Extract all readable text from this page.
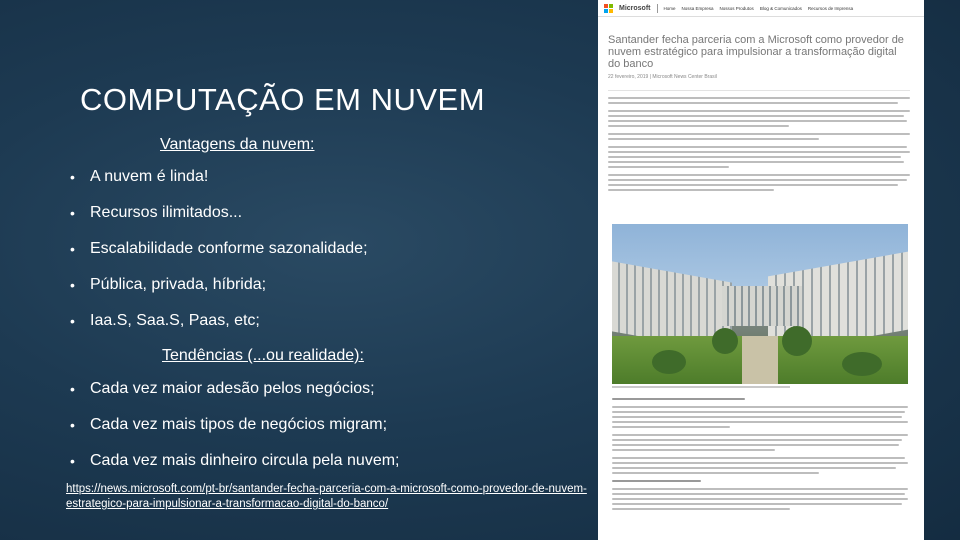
COMPUTAÇÃO EM NUVEM
Vantagens da nuvem:
• A nuvem é linda!
• Recursos ilimitados...
• Escalabilidade conforme sazonalidade;
• Pública, privada, híbrida;
• Iaa.S, Saa.S, Paas, etc;
Tendências (...ou realidade):
• Cada vez maior adesão pelos negócios;
• Cada vez mais tipos de negócios migram;
• Cada vez mais dinheiro circula pela nuvem;
https://news.microsoft.com/pt-br/santander-fecha-parceria-com-a-microsoft-como-provedor-de-nuvem-estrategico-para-impulsionar-a-transformacao-digital-do-banco/
Microsoft	Home Nossa Empresa Nossos Produtos Blog & Comunicados Recursos de Imprensa
Santander fecha parceria com a Microsoft como provedor de nuvem estratégico para impulsionar a transformação digital do banco
22 fevereiro, 2019 | Microsoft News Center Brasil
